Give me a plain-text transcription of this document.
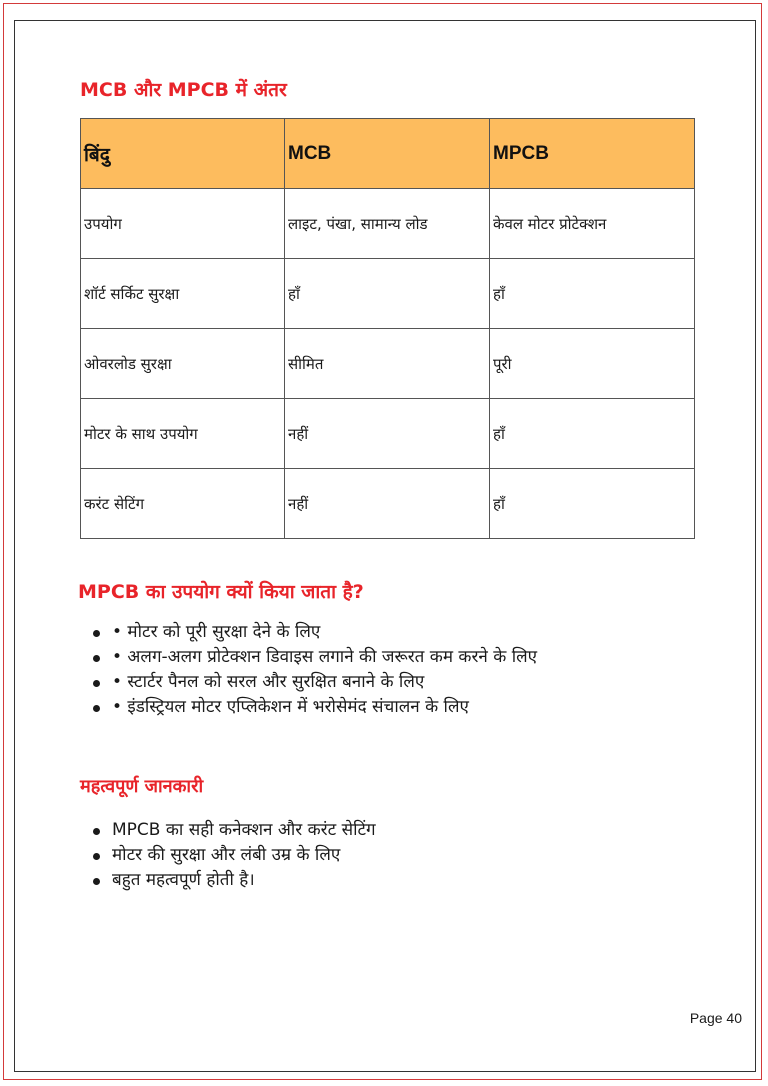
MCB और MPCB में अंतर
बिंदु	MCB	MPCB
उपयोग	लाइट, पंखा, सामान्य लोड	केवल मोटर प्रोटेक्शन
शॉर्ट सर्किट सुरक्षा	हाँ	हाँ
ओवरलोड सुरक्षा	सीमित	पूरी
मोटर के साथ उपयोग	नहीं	हाँ
करंट सेटिंग	नहीं	हाँ
MPCB का उपयोग क्यों किया जाता है?
• मोटर को पूरी सुरक्षा देने के लिए
• अलग-अलग प्रोटेक्शन डिवाइस लगाने की जरूरत कम करने के लिए
• स्टार्टर पैनल को सरल और सुरक्षित बनाने के लिए
• इंडस्ट्रियल मोटर एप्लिकेशन में भरोसेमंद संचालन के लिए
महत्वपूर्ण जानकारी
MPCB का सही कनेक्शन और करंट सेटिंग
मोटर की सुरक्षा और लंबी उम्र के लिए
बहुत महत्वपूर्ण होती है।
Page 40
